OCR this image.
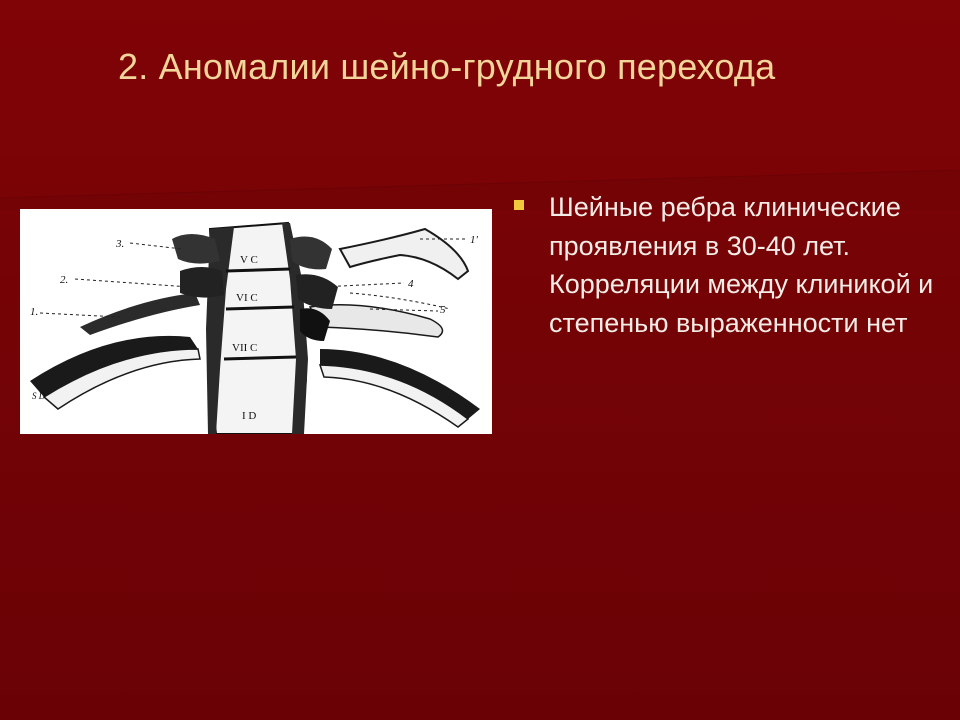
2. Аномалии шейно-грудного перехода
3.
2.
1.
1'
4
5
V C
VI C
VII C
I D
S D
Шейные ребра клинические проявления в 30-40 лет. Корреляции между клиникой и степенью выраженности нет
